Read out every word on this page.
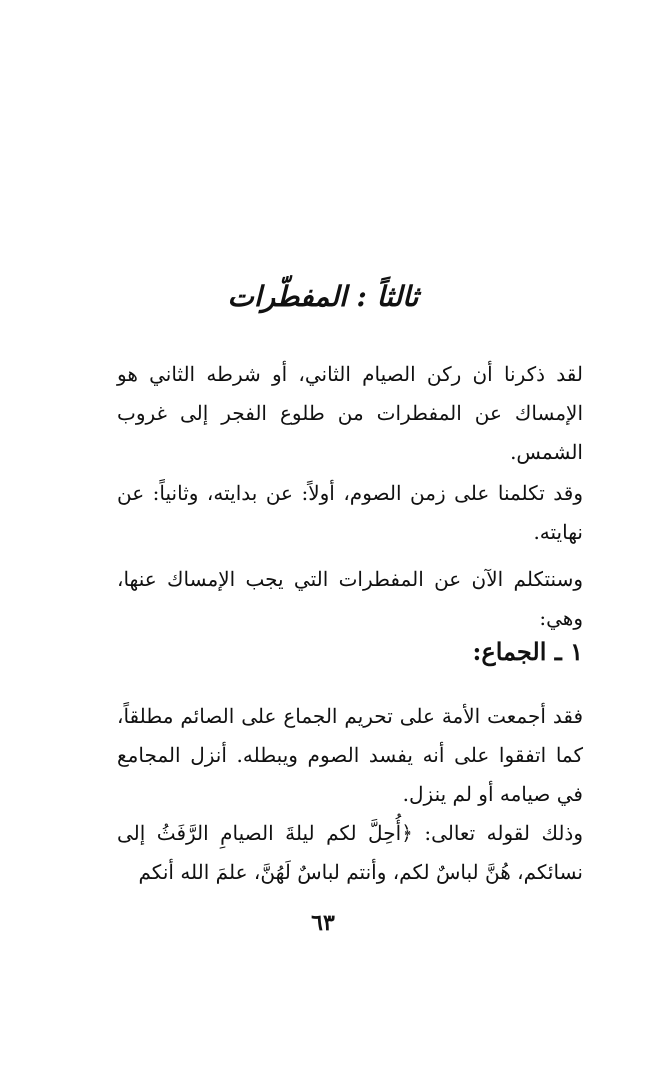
ثالثاً : المفطّرات

لقد ذكرنا أن ركن الصيام الثاني، أو شرطه الثاني هو الإمساك عن المفطرات من طلوع الفجر إلى غروب الشمس.

وقد تكلمنا على زمن الصوم، أولاً: عن بدايته، وثانياً: عن نهايته.

وسنتكلم الآن عن المفطرات التي يجب الإمساك عنها، وهي:

١ ـ الجماع:

فقد أجمعت الأمة على تحريم الجماع على الصائم مطلقاً، كما اتفقوا على أنه يفسد الصوم ويبطله. أنزل المجامع في صيامه أو لم ينزل.

وذلك لقوله تعالى: ﴿أُحِلَّ لكم ليلةَ الصيامِ الرَّفَثُ إلى نسائكم، هُنَّ لباسٌ لكم، وأنتم لباسٌ لَهُنَّ، علمَ الله أنكم

٦٣
